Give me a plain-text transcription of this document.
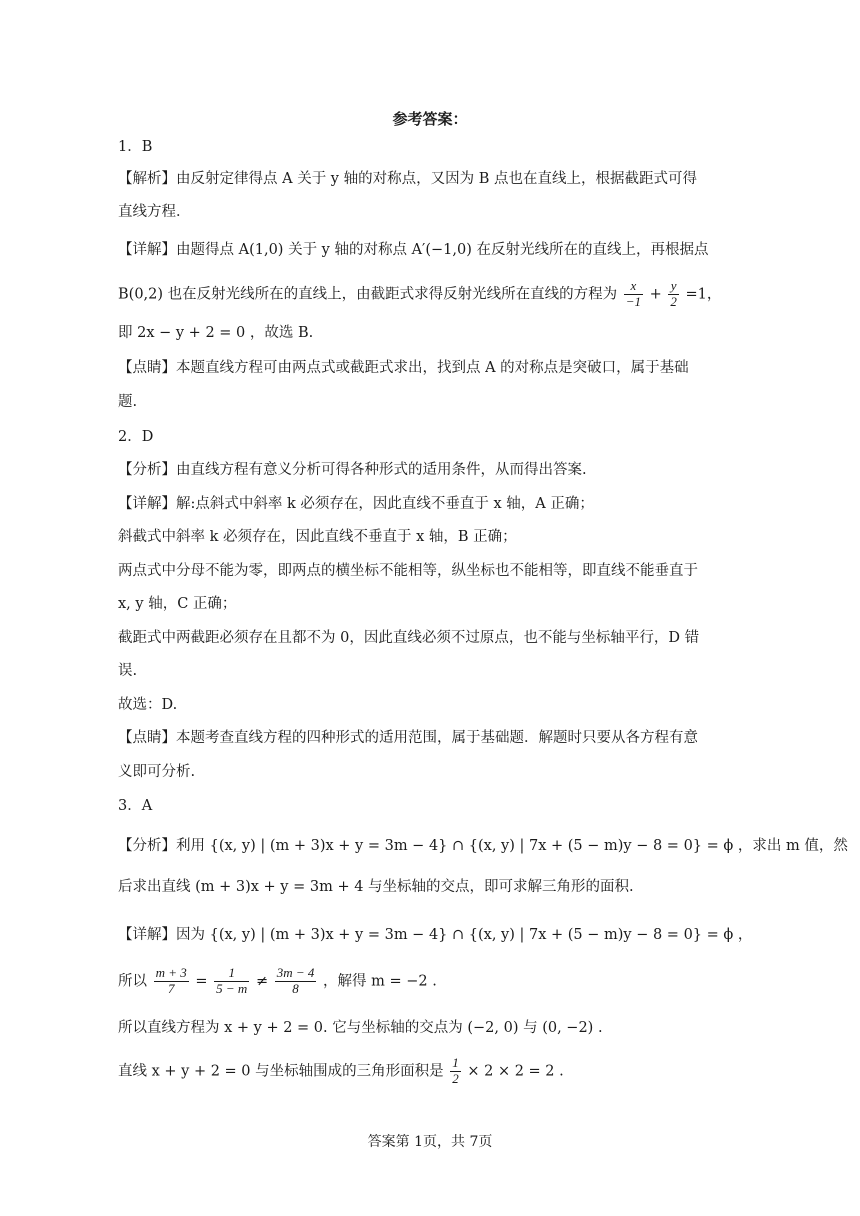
参考答案：
1．B
【解析】由反射定律得点 A 关于 y 轴的对称点，又因为 B 点也在直线上，根据截距式可得
直线方程．
【详解】由题得点 A(1,0) 关于 y 轴的对称点 A′(−1,0) 在反射光线所在的直线上，再根据点
B(0,2) 也在反射光线所在的直线上，由截距式求得反射光线所在直线的方程为 $\frac{x}{-1} + \frac{y}{2} =1$，
即 2x − y + 2 = 0 ，故选 B.
【点睛】本题直线方程可由两点式或截距式求出，找到点 A 的对称点是突破口，属于基础
题.
2．D
【分析】由直线方程有意义分析可得各种形式的适用条件，从而得出答案.
【详解】解:点斜式中斜率 k 必须存在，因此直线不垂直于 x 轴，A 正确；
斜截式中斜率 k 必须存在，因此直线不垂直于 x 轴，B 正确；
两点式中分母不能为零，即两点的横坐标不能相等，纵坐标也不能相等，即直线不能垂直于
x, y 轴，C 正确；
截距式中两截距必须存在且都不为 0，因此直线必须不过原点，也不能与坐标轴平行，D 错
误.
故选：D.
【点睛】本题考查直线方程的四种形式的适用范围，属于基础题．解题时只要从各方程有意
义即可分析.
3．A
【分析】利用 {(x, y) | (m + 3)x + y = 3m − 4} ∩ {(x, y) | 7x + (5 − m)y − 8 = 0} = ϕ ，求出 m 值，然
后求出直线 (m + 3)x + y = 3m + 4 与坐标轴的交点，即可求解三角形的面积.
【详解】因为 {(x, y) | (m + 3)x + y = 3m − 4} ∩ {(x, y) | 7x + (5 − m)y − 8 = 0} = ϕ ，
所以 $\frac{m + 3}{7} = \frac{1}{5 - m} \ne \frac{3m - 4}{8}$ ，解得 m = −2 .
所以直线方程为 x + y + 2 = 0. 它与坐标轴的交点为 (−2, 0) 与 (0, −2) .
直线 x + y + 2 = 0 与坐标轴围成的三角形面积是 $\frac{1}{2} \times 2 \times 2 = 2$ .
答案第 1页，共 7页
